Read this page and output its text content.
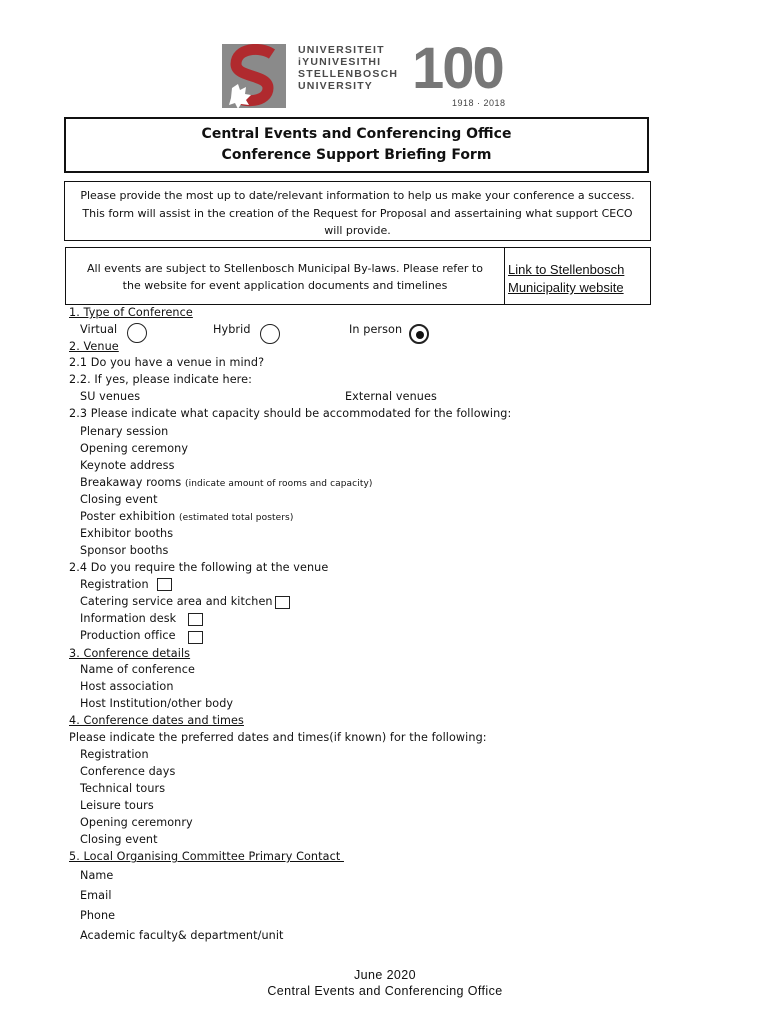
UNIVERSITEIT
iYUNIVESITHI
STELLENBOSCH
UNIVERSITY 100
1918 · 2018
Central Events and Conferencing Office
Conference Support Briefing Form
Please provide the most up to date/relevant information to help us make your conference a success.
This form will assist in the creation of the Request for Proposal and assertaining what support CECO
will provide.
All events are subject to Stellenbosch Municipal By-laws. Please refer to
the website for event application documents and timelines
Link to Stellenbosch
Municipality website
1. Type of Conference
Virtual	Hybrid	In person
2. Venue
2.1 Do you have a venue in mind?
2.2. If yes, please indicate here:
SU venues	External venues
2.3 Please indicate what capacity should be accommodated for the following:
Plenary session
Opening ceremony
Keynote address
Breakaway rooms (indicate amount of rooms and capacity)
Closing event
Poster exhibition (estimated total posters)
Exhibitor booths
Sponsor booths
2.4 Do you require the following at the venue
Registration
Catering service area and kitchen
Information desk
Production office
3. Conference details
Name of conference
Host association
Host Institution/other body
4. Conference dates and times
Please indicate the preferred dates and times(if known) for the following:
Registration
Conference days
Technical tours
Leisure tours
Opening ceremonry
Closing event
5. Local Organising Committee Primary Contact
Name
Email
Phone
Academic faculty& department/unit
June 2020
Central Events and Conferencing Office
